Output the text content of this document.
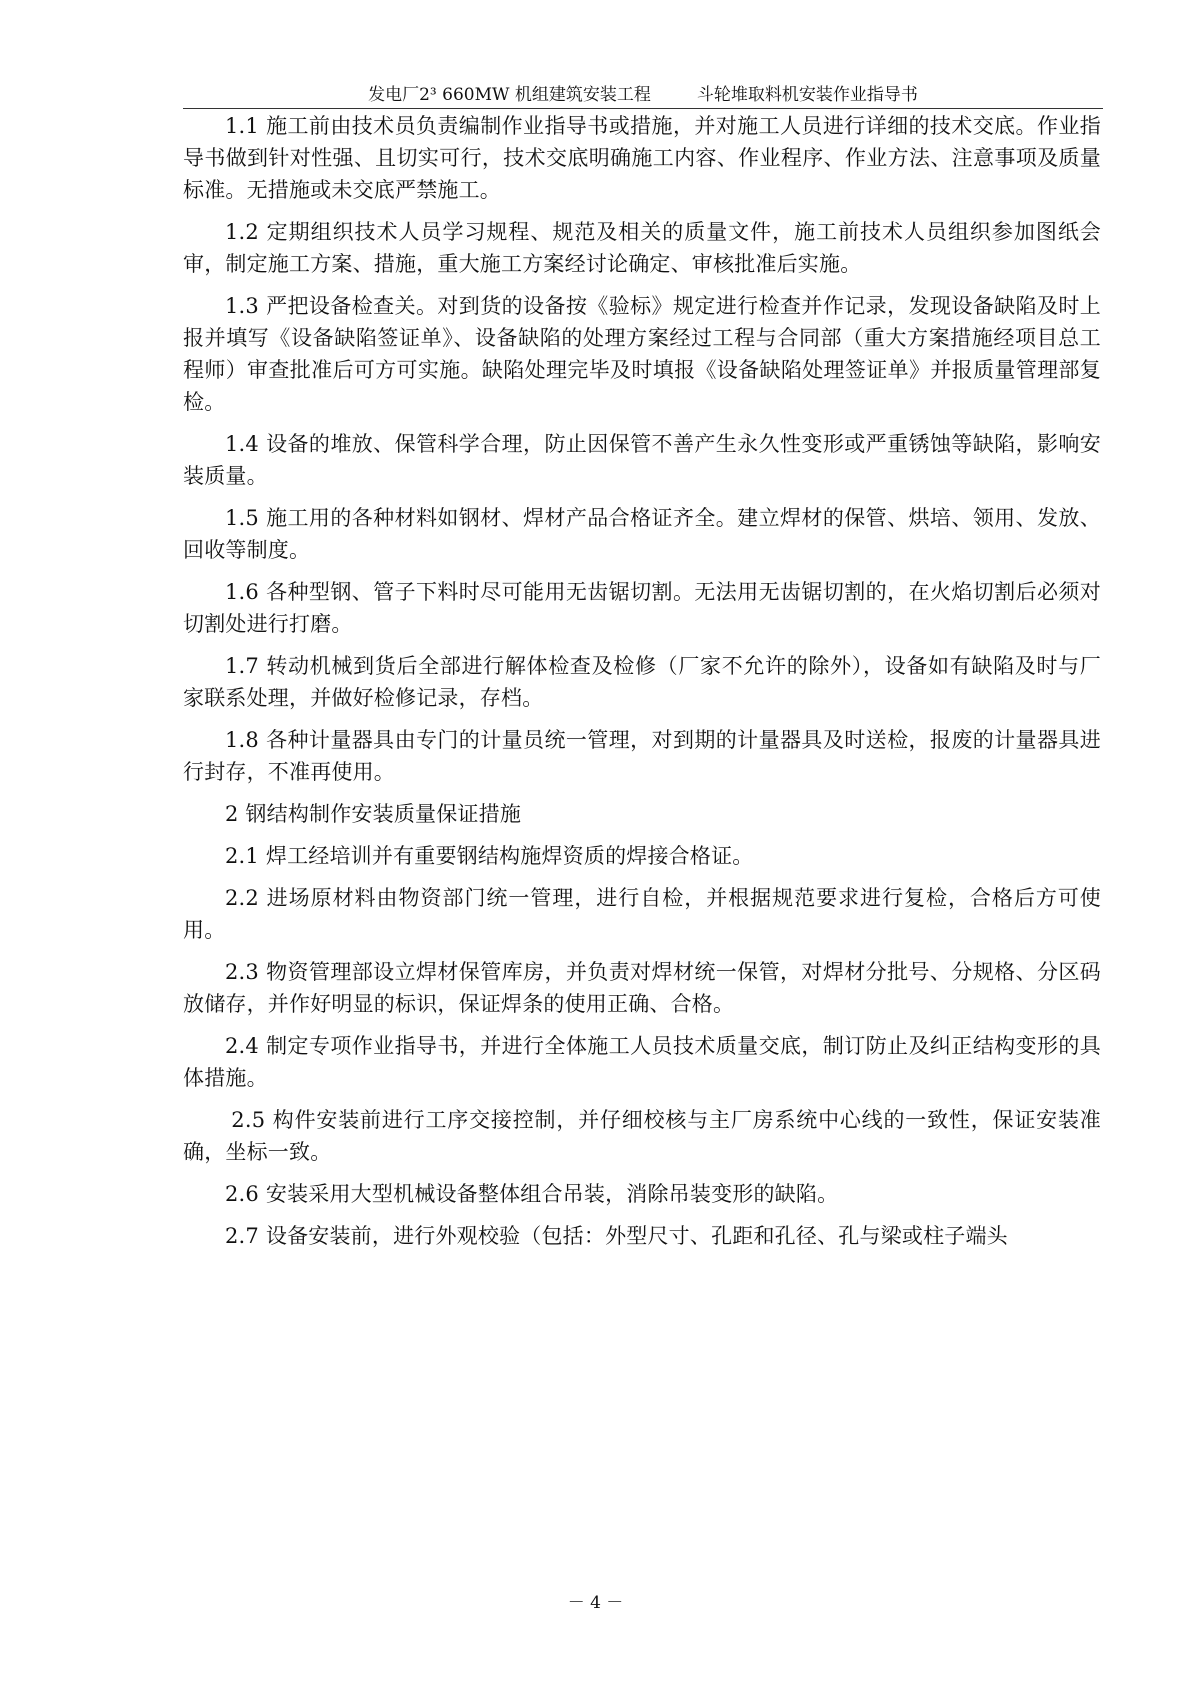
发电厂2³ 660MW 机组建筑安装工程	斗轮堆取料机安装作业指导书

1.1 施工前由技术员负责编制作业指导书或措施，并对施工人员进行详细的技术交底。作业指导书做到针对性强、且切实可行，技术交底明确施工内容、作业程序、作业方法、注意事项及质量标准。无措施或未交底严禁施工。

1.2 定期组织技术人员学习规程、规范及相关的质量文件，施工前技术人员组织参加图纸会审，制定施工方案、措施，重大施工方案经讨论确定、审核批准后实施。

1.3 严把设备检查关。对到货的设备按《验标》规定进行检查并作记录，发现设备缺陷及时上报并填写《设备缺陷签证单》、设备缺陷的处理方案经过工程与合同部（重大方案措施经项目总工程师）审查批准后可方可实施。缺陷处理完毕及时填报《设备缺陷处理签证单》并报质量管理部复检。

1.4 设备的堆放、保管科学合理，防止因保管不善产生永久性变形或严重锈蚀等缺陷，影响安装质量。

1.5 施工用的各种材料如钢材、焊材产品合格证齐全。建立焊材的保管、烘培、领用、发放、回收等制度。

1.6 各种型钢、管子下料时尽可能用无齿锯切割。无法用无齿锯切割的，在火焰切割后必须对切割处进行打磨。

1.7 转动机械到货后全部进行解体检查及检修（厂家不允许的除外），设备如有缺陷及时与厂家联系处理，并做好检修记录，存档。

1.8 各种计量器具由专门的计量员统一管理，对到期的计量器具及时送检，报废的计量器具进行封存，不准再使用。

2 钢结构制作安装质量保证措施

2.1 焊工经培训并有重要钢结构施焊资质的焊接合格证。

2.2 进场原材料由物资部门统一管理，进行自检，并根据规范要求进行复检，合格后方可使用。

2.3 物资管理部设立焊材保管库房，并负责对焊材统一保管，对焊材分批号、分规格、分区码放储存，并作好明显的标识，保证焊条的使用正确、合格。

2.4 制定专项作业指导书，并进行全体施工人员技术质量交底，制订防止及纠正结构变形的具体措施。

2.5 构件安装前进行工序交接控制，并仔细校核与主厂房系统中心线的一致性，保证安装准确，坐标一致。

2.6 安装采用大型机械设备整体组合吊装，消除吊装变形的缺陷。

2.7 设备安装前，进行外观校验（包括：外型尺寸、孔距和孔径、孔与梁或柱子端头

－ 4 －
